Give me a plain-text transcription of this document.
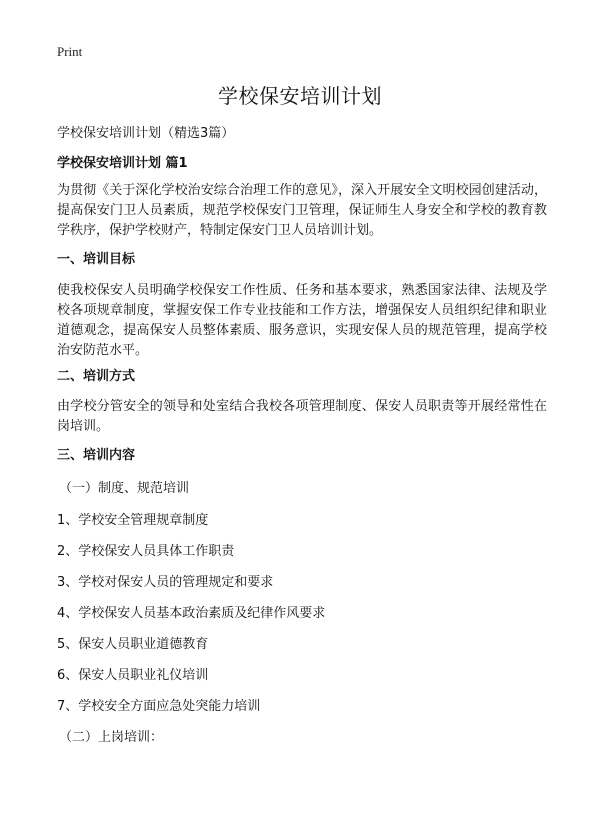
Print
学校保安培训计划
学校保安培训计划（精选3篇）
学校保安培训计划 篇1
为贯彻《关于深化学校治安综合治理工作的意见》，深入开展安全文明校园创建活动，提高保安门卫人员素质，规范学校保安门卫管理，保证师生人身安全和学校的教育教学秩序，保护学校财产，特制定保安门卫人员培训计划。
一、培训目标
使我校保安人员明确学校保安工作性质、任务和基本要求，熟悉国家法律、法规及学校各项规章制度，掌握安保工作专业技能和工作方法，增强保安人员组织纪律和职业道德观念，提高保安人员整体素质、服务意识，实现安保人员的规范管理，提高学校治安防范水平。
二、培训方式
由学校分管安全的领导和处室结合我校各项管理制度、保安人员职责等开展经常性在岗培训。
三、培训内容
（一）制度、规范培训
1、学校安全管理规章制度
2、学校保安人员具体工作职责
3、学校对保安人员的管理规定和要求
4、学校保安人员基本政治素质及纪律作风要求
5、保安人员职业道德教育
6、保安人员职业礼仪培训
7、学校安全方面应急处突能力培训
（二）上岗培训：
